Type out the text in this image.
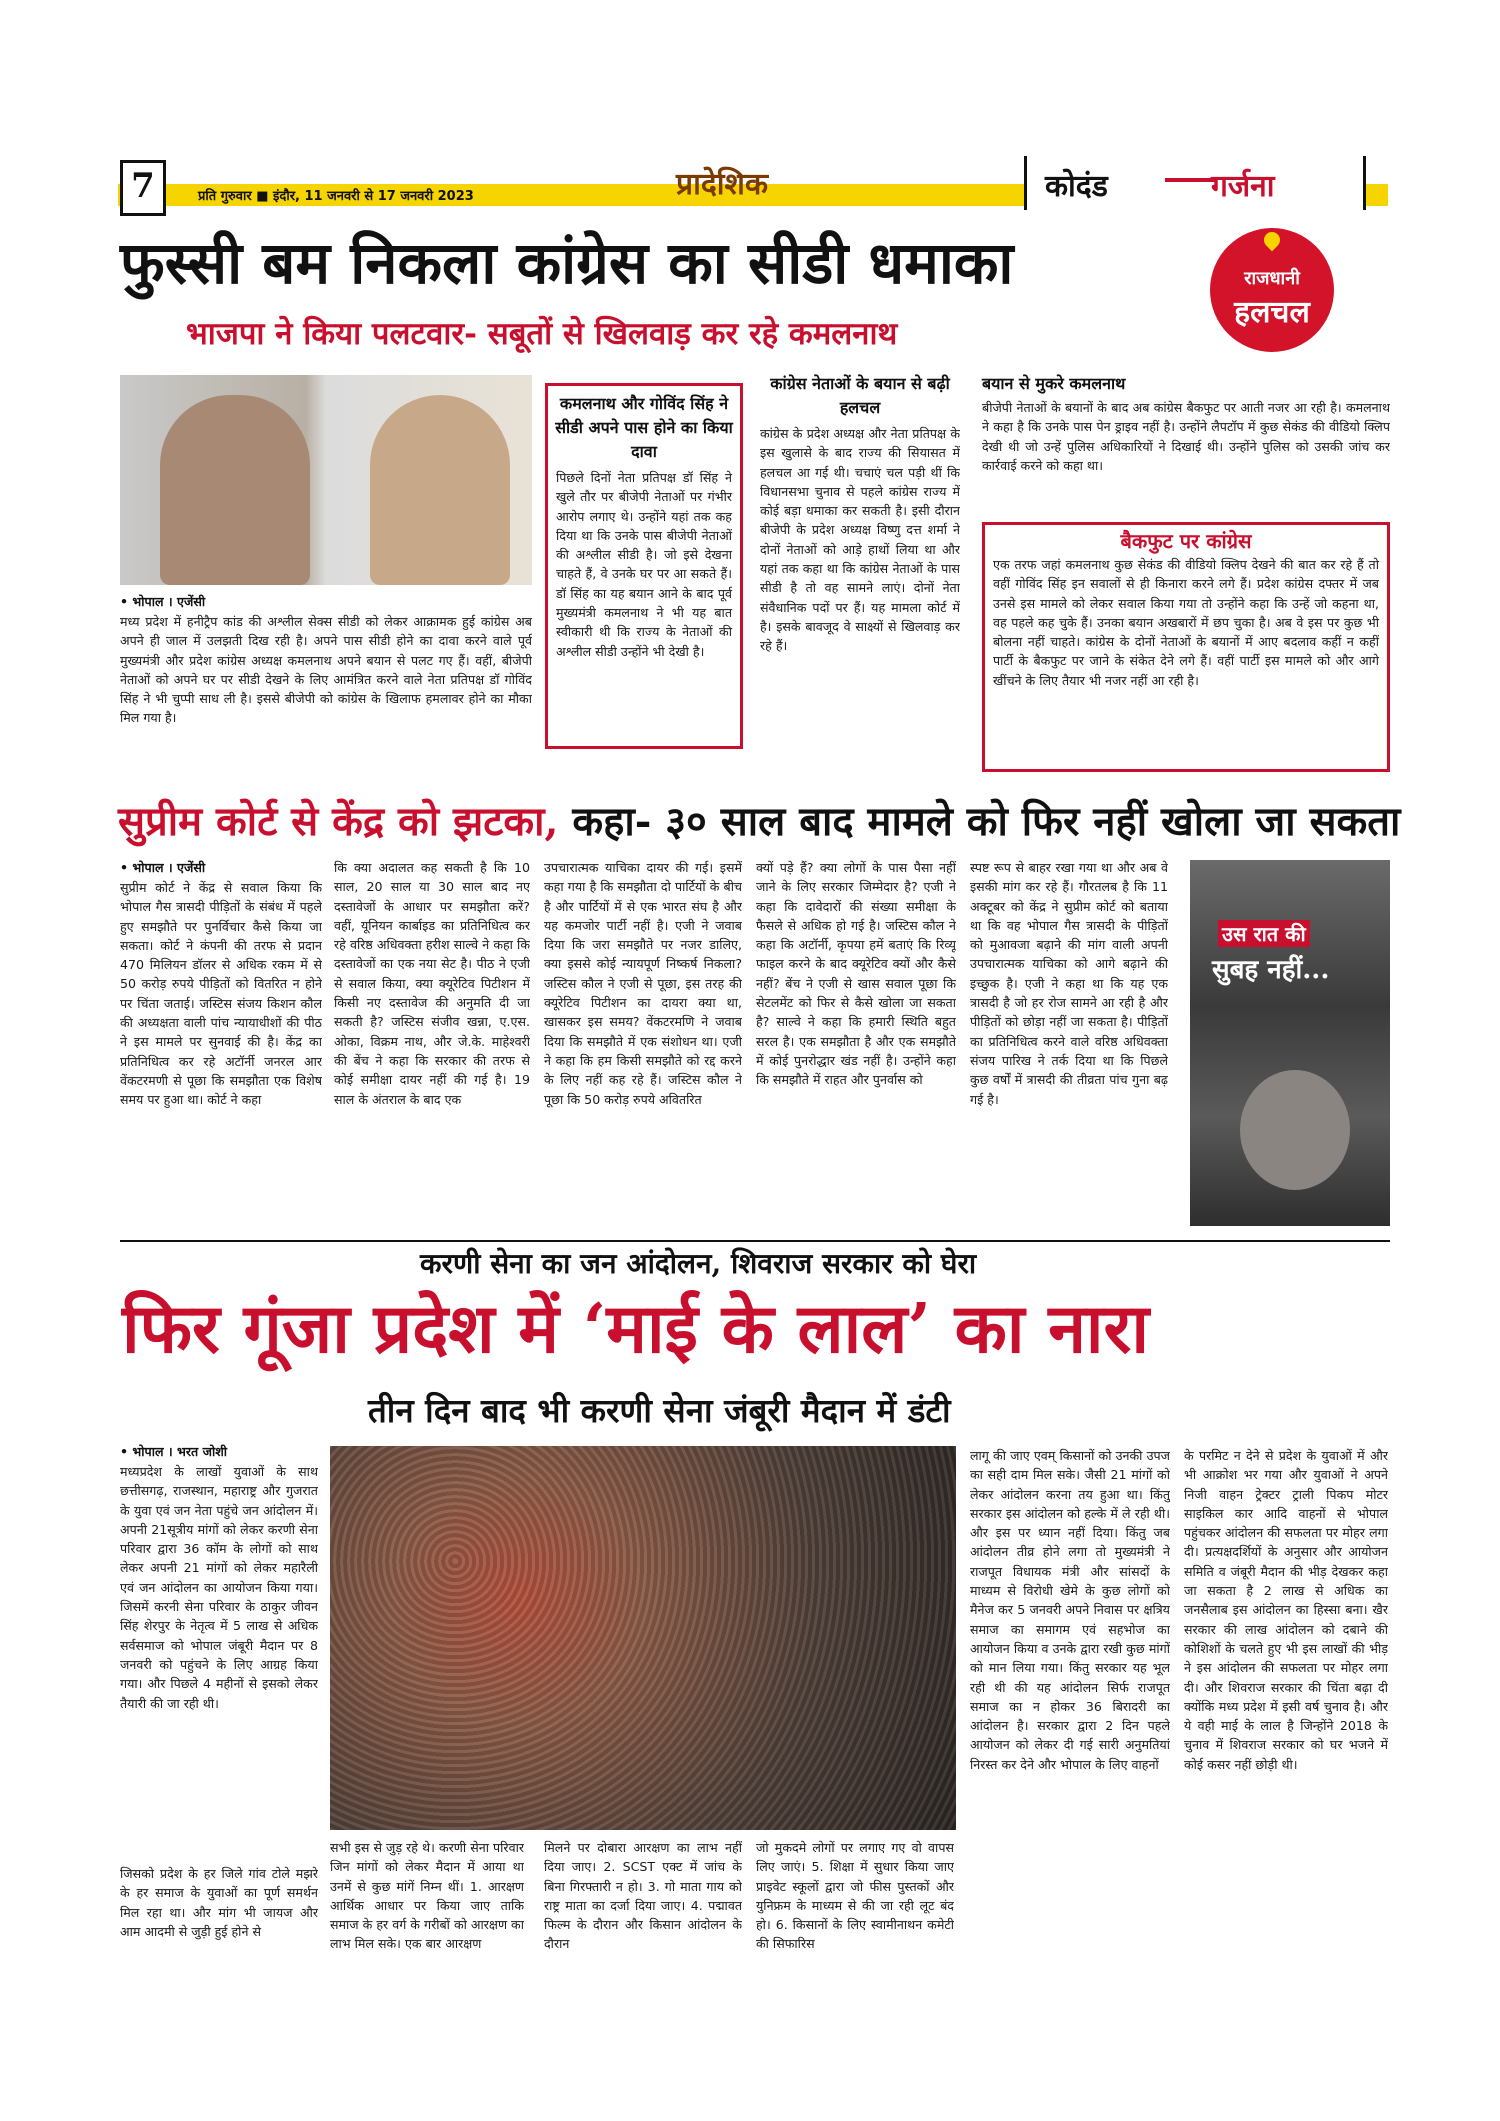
7	प्रति गुरुवार ■ इंदौर, 11 जनवरी से 17 जनवरी 2023	प्रादेशिक	कोदंड	गर्जना
राजधानी
हलचल
फुस्सी बम निकला कांग्रेस का सीडी धमाका
भाजपा ने किया पलटवार- सबूतों से खिलवाड़ कर रहे कमलनाथ
• भोपाल । एजेंसी
मध्य प्रदेश में हनीट्रैप कांड की अश्लील सेक्स सीडी को लेकर आक्रामक हुई कांग्रेस अब अपने ही जाल में उलझती दिख रही है। अपने पास सीडी होने का दावा करने वाले पूर्व मुख्यमंत्री और प्रदेश कांग्रेस अध्यक्ष कमलनाथ अपने बयान से पलट गए हैं। वहीं, बीजेपी नेताओं को अपने घर पर सीडी देखने के लिए आमंत्रित करने वाले नेता प्रतिपक्ष डॉ गोविंद सिंह ने भी चुप्पी साध ली है। इससे बीजेपी को कांग्रेस के खिलाफ हमलावर होने का मौका मिल गया है।
कमलनाथ और गोविंद सिंह ने सीडी अपने पास होने का किया दावा
पिछले दिनों नेता प्रतिपक्ष डॉ सिंह ने खुले तौर पर बीजेपी नेताओं पर गंभीर आरोप लगाए थे। उन्होंने यहां तक कह दिया था कि उनके पास बीजेपी नेताओं की अश्लील सीडी है। जो इसे देखना चाहते हैं, वे उनके घर पर आ सकते हैं। डॉ सिंह का यह बयान आने के बाद पूर्व मुख्यमंत्री कमलनाथ ने भी यह बात स्वीकारी थी कि राज्य के नेताओं की अश्लील सीडी उन्होंने भी देखी है।
कांग्रेस नेताओं के बयान से बढ़ी हलचल
कांग्रेस के प्रदेश अध्यक्ष और नेता प्रतिपक्ष के इस खुलासे के बाद राज्य की सियासत में हलचल आ गई थी। चचाएं चल पड़ी थीं कि विधानसभा चुनाव से पहले कांग्रेस राज्य में कोई बड़ा धमाका कर सकती है। इसी दौरान बीजेपी के प्रदेश अध्यक्ष विष्णु दत्त शर्मा ने दोनों नेताओं को आड़े हाथों लिया था और यहां तक कहा था कि कांग्रेस नेताओं के पास सीडी है तो वह सामने लाएं। दोनों नेता संवैधानिक पदों पर हैं। यह मामला कोर्ट में है। इसके बावजूद वे साक्ष्यों से खिलवाड़ कर रहे हैं।
बयान से मुकरे कमलनाथ
बीजेपी नेताओं के बयानों के बाद अब कांग्रेस बैकफुट पर आती नजर आ रही है। कमलनाथ ने कहा है कि उनके पास पेन ड्राइव नहीं है। उन्होंने लैपटॉप में कुछ सेकंड की वीडियो क्लिप देखी थी जो उन्हें पुलिस अधिकारियों ने दिखाई थी। उन्होंने पुलिस को उसकी जांच कर कार्रवाई करने को कहा था।
बैकफुट पर कांग्रेस
एक तरफ जहां कमलनाथ कुछ सेकंड की वीडियो क्लिप देखने की बात कर रहे हैं तो वहीं गोविंद सिंह इन सवालों से ही किनारा करने लगे हैं। प्रदेश कांग्रेस दफ्तर में जब उनसे इस मामले को लेकर सवाल किया गया तो उन्होंने कहा कि उन्हें जो कहना था, वह पहले कह चुके हैं। उनका बयान अखबारों में छप चुका है। अब वे इस पर कुछ भी बोलना नहीं चाहते। कांग्रेस के दोनों नेताओं के बयानों में आए बदलाव कहीं न कहीं पार्टी के बैकफुट पर जाने के संकेत देने लगे हैं। वहीं पार्टी इस मामले को और आगे खींचने के लिए तैयार भी नजर नहीं आ रही है।
सुप्रीम कोर्ट से केंद्र को झटका, कहा- ३० साल बाद मामले को फिर नहीं खोला जा सकता
• भोपाल । एजेंसी
सुप्रीम कोर्ट ने केंद्र से सवाल किया कि भोपाल गैस त्रासदी पीड़ितों के संबंध में पहले हुए समझौते पर पुनर्विचार कैसे किया जा सकता। कोर्ट ने कंपनी की तरफ से प्रदान 470 मिलियन डॉलर से अधिक रकम में से 50 करोड़ रुपये पीड़ितों को वितरित न होने पर चिंता जताई। जस्टिस संजय किशन कौल की अध्यक्षता वाली पांच न्यायाधीशों की पीठ ने इस मामले पर सुनवाई की है। केंद्र का प्रतिनिधित्व कर रहे अटॉर्नी जनरल आर वेंकटरमणी से पूछा कि समझौता एक विशेष समय पर हुआ था। कोर्ट ने कहा
कि क्या अदालत कह सकती है कि 10 साल, 20 साल या 30 साल बाद नए दस्तावेजों के आधार पर समझौता करें? वहीं, यूनियन कार्बाइड का प्रतिनिधित्व कर रहे वरिष्ठ अधिवक्ता हरीश साल्वे ने कहा कि दस्तावेजों का एक नया सेट है। पीठ ने एजी से सवाल किया, क्या क्यूरेटिव पिटीशन में किसी नए दस्तावेज की अनुमति दी जा सकती है? जस्टिस संजीव खन्ना, ए.एस. ओका, विक्रम नाथ, और जे.के. माहेश्वरी की बेंच ने कहा कि सरकार की तरफ से कोई समीक्षा दायर नहीं की गई है। 19 साल के अंतराल के बाद एक
उपचारात्मक याचिका दायर की गई। इसमें कहा गया है कि समझौता दो पार्टियों के बीच है और पार्टियों में से एक भारत संघ है और यह कमजोर पार्टी नहीं है। एजी ने जवाब दिया कि जरा समझौते पर नजर डालिए, क्या इससे कोई न्यायपूर्ण निष्कर्ष निकला? जस्टिस कौल ने एजी से पूछा, इस तरह की क्यूरेटिव पिटीशन का दायरा क्या था, खासकर इस समय? वेंकटरमणि ने जवाब दिया कि समझौते में एक संशोधन था। एजी ने कहा कि हम किसी समझौते को रद्द करने के लिए नहीं कह रहे हैं। जस्टिस कौल ने पूछा कि 50 करोड़ रुपये अवितरित
क्यों पड़े हैं? क्या लोगों के पास पैसा नहीं जाने के लिए सरकार जिम्मेदार है? एजी ने कहा कि दावेदारों की संख्या समीक्षा के फैसले से अधिक हो गई है। जस्टिस कौल ने कहा कि अटॉर्नी, कृपया हमें बताएं कि रिव्यू फाइल करने के बाद क्यूरेटिव क्यों और कैसे नहीं? बेंच ने एजी से खास सवाल पूछा कि सेटलमेंट को फिर से कैसे खोला जा सकता है? साल्वे ने कहा कि हमारी स्थिति बहुत सरल है। एक समझौता है और एक समझौते में कोई पुनरोद्धार खंड नहीं है। उन्होंने कहा कि समझौते में राहत और पुनर्वास को
स्पष्ट रूप से बाहर रखा गया था और अब वे इसकी मांग कर रहे हैं। गौरतलब है कि 11 अक्टूबर को केंद्र ने सुप्रीम कोर्ट को बताया था कि वह भोपाल गैस त्रासदी के पीड़ितों को मुआवजा बढ़ाने की मांग वाली अपनी उपचारात्मक याचिका को आगे बढ़ाने की इच्छुक है। एजी ने कहा था कि यह एक त्रासदी है जो हर रोज सामने आ रही है और पीड़ितों को छोड़ा नहीं जा सकता है। पीड़ितों का प्रतिनिधित्व करने वाले वरिष्ठ अधिवक्ता संजय पारिख ने तर्क दिया था कि पिछले कुछ वर्षों में त्रासदी की तीव्रता पांच गुना बढ़ गई है।
उस रात की
सुबह नहीं...
करणी सेना का जन आंदोलन, शिवराज सरकार को घेरा
फिर गूंजा प्रदेश में ‘माई के लाल’ का नारा
तीन दिन बाद भी करणी सेना जंबूरी मैदान में डंटी
• भोपाल । भरत जोशी
मध्यप्रदेश के लाखों युवाओं के साथ छत्तीसगढ़, राजस्थान, महाराष्ट्र और गुजरात के युवा एवं जन नेता पहुंचे जन आंदोलन में। अपनी 21सूत्रीय मांगों को लेकर करणी सेना परिवार द्वारा 36 कॉम के लोगों को साथ लेकर अपनी 21 मांगों को लेकर महारैली एवं जन आंदोलन का आयोजन किया गया। जिसमें करनी सेना परिवार के ठाकुर जीवन सिंह शेरपुर के नेतृत्व में 5 लाख से अधिक सर्वसमाज को भोपाल जंबूरी मैदान पर 8 जनवरी को पहुंचने के लिए आग्रह किया गया। और पिछले 4 महीनों से इसको लेकर तैयारी की जा रही थी।
जिसको प्रदेश के हर जिले गांव टोले मझरे के हर समाज के युवाओं का पूर्ण समर्थन मिल रहा था। और मांग भी जायज और आम आदमी से जुड़ी हुई होने से
सभी इस से जुड़ रहे थे। करणी सेना परिवार जिन मांगों को लेकर मैदान में आया था उनमें से कुछ मांगें निम्न थीं। 1. आरक्षण आर्थिक आधार पर किया जाए ताकि समाज के हर वर्ग के गरीबों को आरक्षण का लाभ मिल सके। एक बार आरक्षण
मिलने पर दोबारा आरक्षण का लाभ नहीं दिया जाए। 2. SCST एक्ट में जांच के बिना गिरफ्तारी न हो। 3. गो माता गाय को राष्ट्र माता का दर्जा दिया जाए। 4. पद्मावत फिल्म के दौरान और किसान आंदोलन के दौरान
जो मुकदमे लोगों पर लगाए गए वो वापस लिए जाएं। 5. शिक्षा में सुधार किया जाए प्राइवेट स्कूलों द्वारा जो फीस पुस्तकों और युनिफ्रम के माध्यम से की जा रही लूट बंद हो। 6. किसानों के लिए स्वामीनाथन कमेटी की सिफारिस
लागू की जाए एवम् किसानों को उनकी उपज का सही दाम मिल सके। जैसी 21 मांगों को लेकर आंदोलन करना तय हुआ था। किंतु सरकार इस आंदोलन को हल्के में ले रही थी। और इस पर ध्यान नहीं दिया। किंतु जब आंदोलन तीव्र होने लगा तो मुख्यमंत्री ने राजपूत विधायक मंत्री और सांसदों के माध्यम से विरोधी खेमे के कुछ लोगों को मैनेज कर 5 जनवरी अपने निवास पर क्षत्रिय समाज का समागम एवं सहभोज का आयोजन किया व उनके द्वारा रखी कुछ मांगों को मान लिया गया। किंतु सरकार यह भूल रही थी की यह आंदोलन सिर्फ राजपूत समाज का न होकर 36 बिरादरी का आंदोलन है। सरकार द्वारा 2 दिन पहले आयोजन को लेकर दी गई सारी अनुमतियां निरस्त कर देने और भोपाल के लिए वाहनों
के परमिट न देने से प्रदेश के युवाओं में और भी आक्रोश भर गया और युवाओं ने अपने निजी वाहन ट्रेक्टर ट्राली पिकप मोटर साइकिल कार आदि वाहनों से भोपाल पहुंचकर आंदोलन की सफलता पर मोहर लगा दी। प्रत्यक्षदर्शियों के अनुसार और आयोजन समिति व जंबूरी मैदान की भीड़ देखकर कहा जा सकता है 2 लाख से अधिक का जनसैलाब इस आंदोलन का हिस्सा बना। खैर सरकार की लाख आंदोलन को दबाने की कोशिशों के चलते हुए भी इस लाखों की भीड़ ने इस आंदोलन की सफलता पर मोहर लगा दी। और शिवराज सरकार की चिंता बढ़ा दी क्योंकि मध्य प्रदेश में इसी वर्ष चुनाव है। और ये वही माई के लाल है जिन्होंने 2018 के चुनाव में शिवराज सरकार को घर भजने में कोई कसर नहीं छोड़ी थी।
